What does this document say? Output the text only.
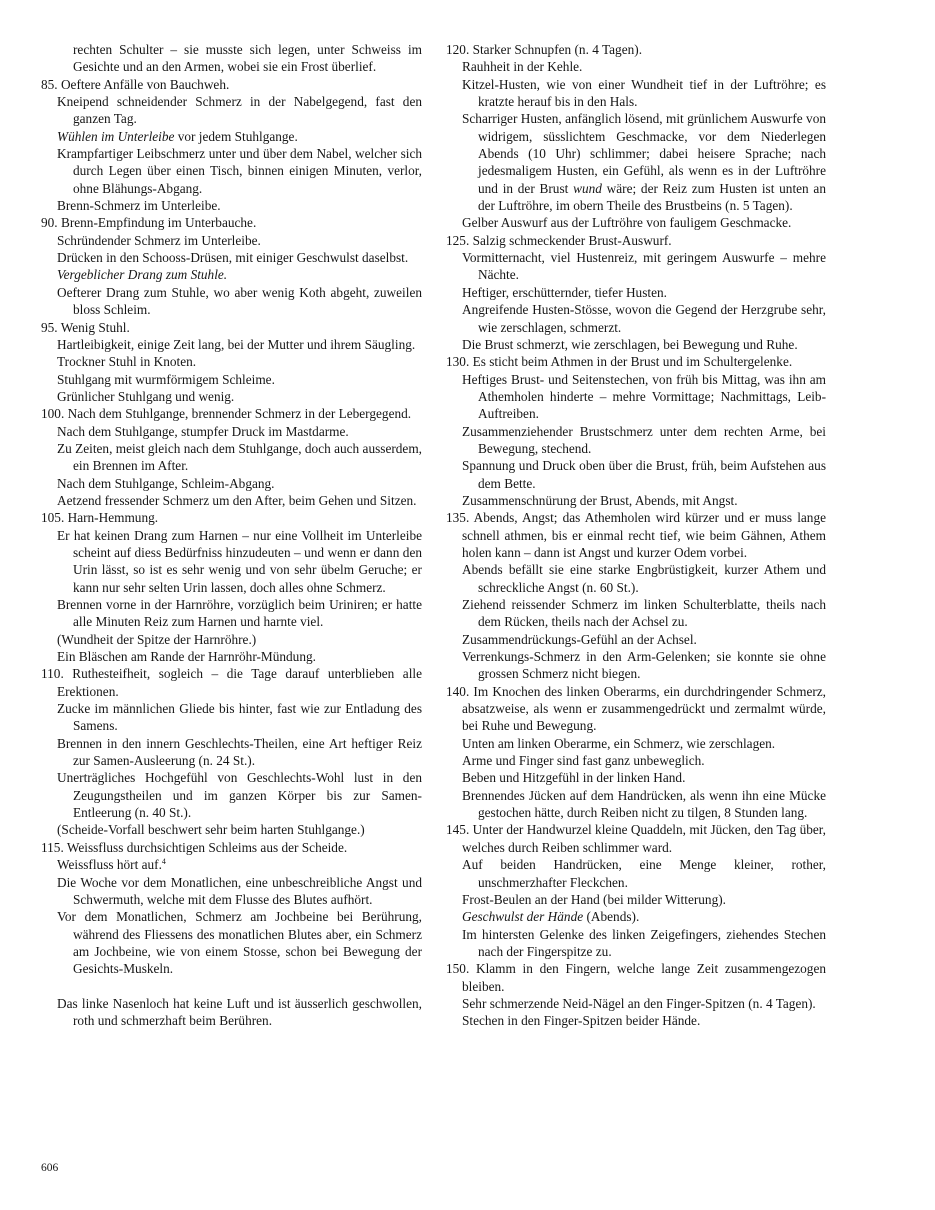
rechten Schulter – sie musste sich legen, unter Schweiss im Gesichte und an den Armen, wobei sie ein Frost überlief.
85. Oeftere Anfälle von Bauchweh.
Kneipend schneidender Schmerz in der Nabelgegend, fast den ganzen Tag.
Wühlen im Unterleibe vor jedem Stuhlgange.
Krampfartiger Leibschmerz unter und über dem Nabel, welcher sich durch Legen über einen Tisch, binnen einigen Minuten, verlor, ohne Blähungs-Abgang.
Brenn-Schmerz im Unterleibe.
90. Brenn-Empfindung im Unterbauche.
Schründender Schmerz im Unterleibe.
Drücken in den Schooss-Drüsen, mit einiger Geschwulst daselbst.
Vergeblicher Drang zum Stuhle.
Oefterer Drang zum Stuhle, wo aber wenig Koth abgeht, zuweilen bloss Schleim.
95. Wenig Stuhl.
Hartleibigkeit, einige Zeit lang, bei der Mutter und ihrem Säugling.
Trockner Stuhl in Knoten.
Stuhlgang mit wurmförmigem Schleime.
Grünlicher Stuhlgang und wenig.
100. Nach dem Stuhlgange, brennender Schmerz in der Lebergegend.
Nach dem Stuhlgange, stumpfer Druck im Mastdarme.
Zu Zeiten, meist gleich nach dem Stuhlgange, doch auch ausserdem, ein Brennen im After.
Nach dem Stuhlgange, Schleim-Abgang.
Aetzend fressender Schmerz um den After, beim Gehen und Sitzen.
105. Harn-Hemmung.
Er hat keinen Drang zum Harnen – nur eine Vollheit im Unterleibe scheint auf diess Bedürfniss hinzudeuten – und wenn er dann den Urin lässt, so ist es sehr wenig und von sehr übelm Geruche; er kann nur sehr selten Urin lassen, doch alles ohne Schmerz.
Brennen vorne in der Harnröhre, vorzüglich beim Uriniren; er hatte alle Minuten Reiz zum Harnen und harnte viel.
(Wundheit der Spitze der Harnröhre.)
Ein Bläschen am Rande der Harnröhr-Mündung.
110. Ruthesteifheit, sogleich – die Tage darauf unterblieben alle Erektionen.
Zucke im männlichen Gliede bis hinter, fast wie zur Entladung des Samens.
Brennen in den innern Geschlechts-Theilen, eine Art heftiger Reiz zur Samen-Ausleerung (n. 24 St.).
Unerträgliches Hochgefühl von Geschlechts-Wohl lust in den Zeugungstheilen und im ganzen Körper bis zur Samen-Entleerung (n. 40 St.).
(Scheide-Vorfall beschwert sehr beim harten Stuhlgange.)
115. Weissfluss durchsichtigen Schleims aus der Scheide.
Weissfluss hört auf.$^4$
Die Woche vor dem Monatlichen, eine unbeschreibliche Angst und Schwermuth, welche mit dem Flusse des Blutes aufhört.
Vor dem Monatlichen, Schmerz am Jochbeine bei Berührung, während des Fliessens des monatlichen Blutes aber, ein Schmerz am Jochbeine, wie von einem Stosse, schon bei Bewegung der Gesichts-Muskeln.
Das linke Nasenloch hat keine Luft und ist äusserlich geschwollen, roth und schmerzhaft beim Berühren.
120. Starker Schnupfen (n. 4 Tagen).
Rauhheit in der Kehle.
Kitzel-Husten, wie von einer Wundheit tief in der Luftröhre; es kratzte herauf bis in den Hals.
Scharriger Husten, anfänglich lösend, mit grünlichem Auswurfe von widrigem, süsslichtem Geschmacke, vor dem Niederlegen Abends (10 Uhr) schlimmer; dabei heisere Sprache; nach jedesmaligem Husten, ein Gefühl, als wenn es in der Luftröhre und in der Brust wund wäre; der Reiz zum Husten ist unten an der Luftröhre, im obern Theile des Brustbeins (n. 5 Tagen).
Gelber Auswurf aus der Luftröhre von fauligem Geschmacke.
125. Salzig schmeckender Brust-Auswurf.
Vormitternacht, viel Hustenreiz, mit geringem Auswurfe – mehre Nächte.
Heftiger, erschütternder, tiefer Husten.
Angreifende Husten-Stösse, wovon die Gegend der Herzgrube sehr, wie zerschlagen, schmerzt.
Die Brust schmerzt, wie zerschlagen, bei Bewegung und Ruhe.
130. Es sticht beim Athmen in der Brust und im Schultergelenke.
Heftiges Brust- und Seitenstechen, von früh bis Mittag, was ihn am Athemholen hinderte – mehre Vormittage; Nachmittags, Leib-Auftreiben.
Zusammenziehender Brustschmerz unter dem rechten Arme, bei Bewegung, stechend.
Spannung und Druck oben über die Brust, früh, beim Aufstehen aus dem Bette.
Zusammenschnürung der Brust, Abends, mit Angst.
135. Abends, Angst; das Athemholen wird kürzer und er muss lange schnell athmen, bis er einmal recht tief, wie beim Gähnen, Athem holen kann – dann ist Angst und kurzer Odem vorbei.
Abends befällt sie eine starke Engbrüstigkeit, kurzer Athem und schreckliche Angst (n. 60 St.).
Ziehend reissender Schmerz im linken Schulterblatte, theils nach dem Rücken, theils nach der Achsel zu.
Zusammendrückungs-Gefühl an der Achsel.
Verrenkungs-Schmerz in den Arm-Gelenken; sie konnte sie ohne grossen Schmerz nicht biegen.
140. Im Knochen des linken Oberarms, ein durchdringender Schmerz, absatzweise, als wenn er zusammengedrückt und zermalmt würde, bei Ruhe und Bewegung.
Unten am linken Oberarme, ein Schmerz, wie zerschlagen.
Arme und Finger sind fast ganz unbeweglich.
Beben und Hitzgefühl in der linken Hand.
Brennendes Jücken auf dem Handrücken, als wenn ihn eine Mücke gestochen hätte, durch Reiben nicht zu tilgen, 8 Stunden lang.
145. Unter der Handwurzel kleine Quaddeln, mit Jücken, den Tag über, welches durch Reiben schlimmer ward.
Auf beiden Handrücken, eine Menge kleiner, rother, unschmerzhafter Fleckchen.
Frost-Beulen an der Hand (bei milder Witterung).
Geschwulst der Hände (Abends).
Im hintersten Gelenke des linken Zeigefingers, ziehendes Stechen nach der Fingerspitze zu.
150. Klamm in den Fingern, welche lange Zeit zusammengezogen bleiben.
Sehr schmerzende Neid-Nägel an den Finger-Spitzen (n. 4 Tagen).
Stechen in den Finger-Spitzen beider Hände.
606
